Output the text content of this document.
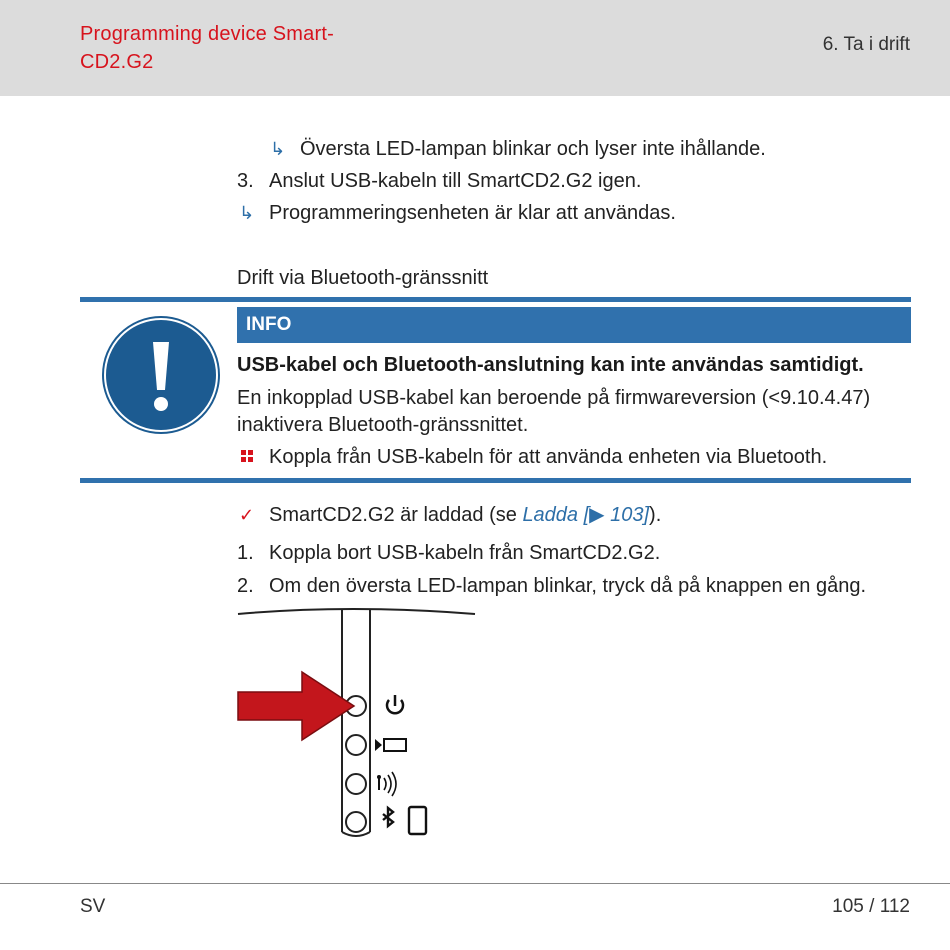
Programming device Smart-CD2.G2
6. Ta i drift
↳ Översta LED-lampan blinkar och lyser inte ihållande.
3. Anslut USB-kabeln till SmartCD2.G2 igen.
↳ Programmeringsenheten är klar att användas.
Drift via Bluetooth-gränssnitt
INFO
USB-kabel och Bluetooth-anslutning kan inte användas samtidigt.
En inkopplad USB-kabel kan beroende på firmwareversion (<9.10.4.47)
inaktivera Bluetooth-gränssnittet.
Koppla från USB-kabeln för att använda enheten via Bluetooth.
✓ SmartCD2.G2 är laddad (se Ladda [▶ 103]).
1. Koppla bort USB-kabeln från SmartCD2.G2.
2. Om den översta LED-lampan blinkar, tryck då på knappen en gång.
SV	105 / 112
